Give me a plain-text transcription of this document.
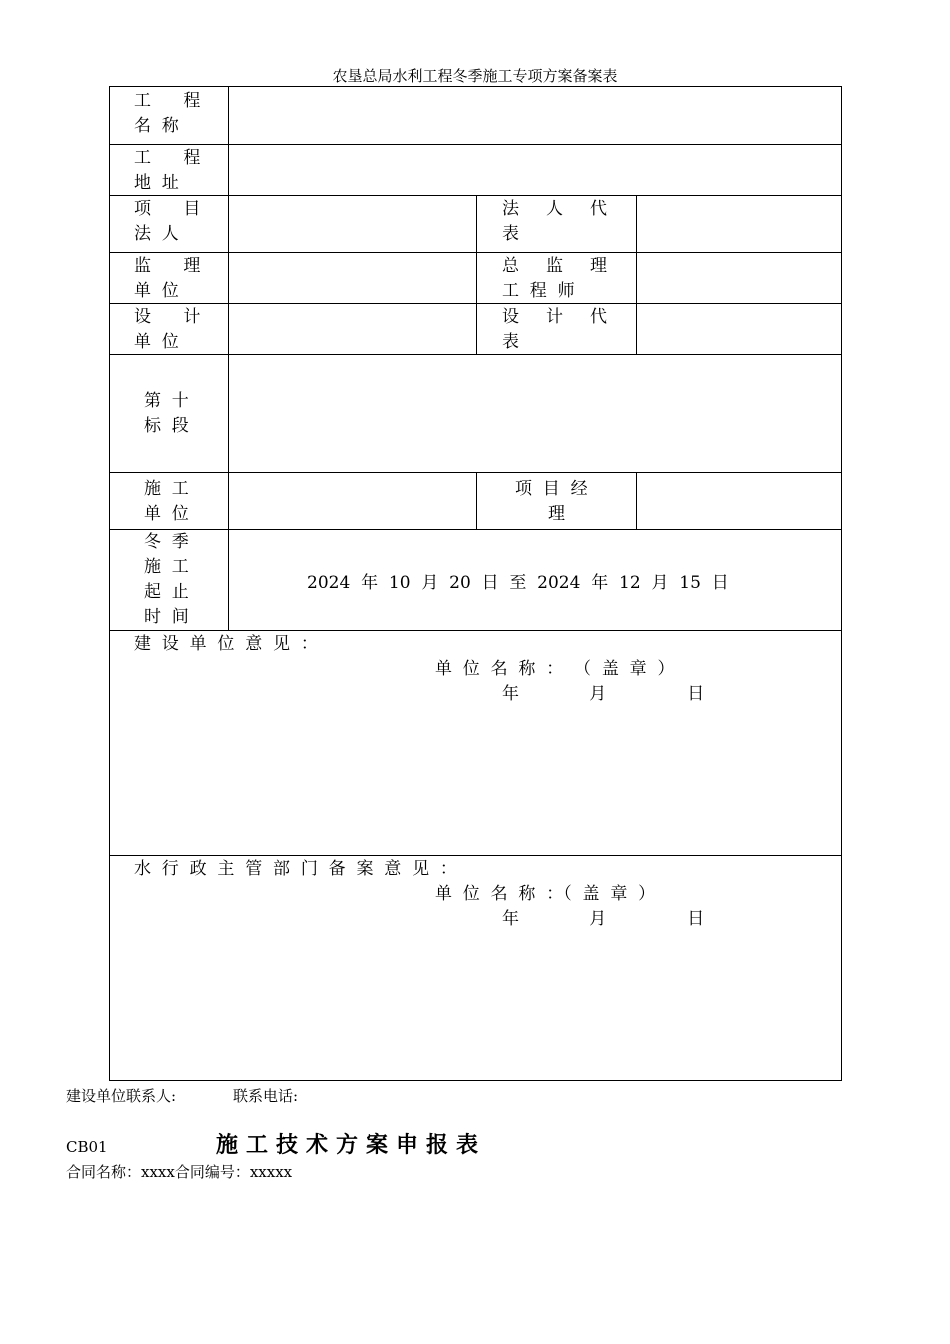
农垦总局水利工程冬季施工专项方案备案表
工      程
名  称
工      程
地  址
项      目
法  人
法     人     代
表
监      理
单  位
总     监     理
工  程  师
设      计
单  位
设     计     代
表
第  十
标  段
施  工
单  位
项  目  经
理
冬  季
施  工
起  止
时  间
2024  年  10  月  20  日  至  2024  年  12  月  15  日
建  设  单  位  意  见  ：
单  位  名  称  ：  （  盖  章  ）
年             月               日
水  行  政  主  管  部  门  备  案  意  见  ：
单  位  名  称  ：（  盖  章  ）
年             月               日
建设单位联系人:	联系电话:
CB01	施工技术方案申报表
合同名称：xxxx合同编号：xxxxx
